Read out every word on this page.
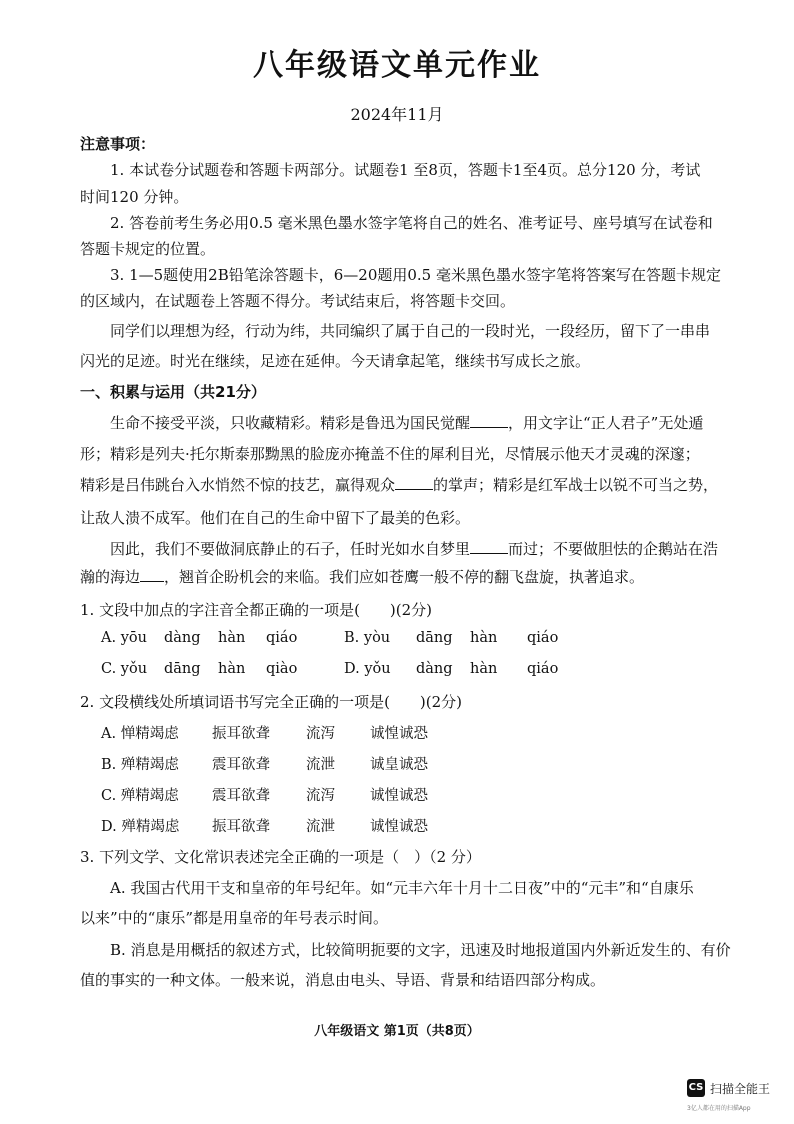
八年级语文单元作业
2024年11月
注意事项：
1. 本试卷分试题卷和答题卡两部分。试题卷1 至8页，答题卡1至4页。总分120 分，考试
时间120 分钟。
2. 答卷前考生务必用0.5 毫米黑色墨水签字笔将自己的姓名、准考证号、座号填写在试卷和
答题卡规定的位置。
3. 1—5题使用2B铅笔涂答题卡，6—20题用0.5 毫米黑色墨水签字笔将答案写在答题卡规定
的区域内，在试题卷上答题不得分。考试结束后，将答题卡交回。
同学们以理想为经，行动为纬，共同编织了属于自己的一段时光，一段经历，留下了一串串
闪光的足迹。时光在继续，足迹在延伸。今天请拿起笔，继续书写成长之旅。
一、积累与运用（共21分）
生命不接受平淡，只收藏精彩。精彩是鲁迅为国民觉醒	，用文字让“正人君子”无处遁
形；精彩是列夫·托尔斯泰那黝黑的脸庞亦掩盖不住的犀利目光，尽情展示他天才灵魂的深邃；
精彩是吕伟跳台入水悄然不惊的技艺，赢得观众	的掌声；精彩是红军战士以锐不可当之势，
让敌人溃不成军。他们在自己的生命中留下了最美的色彩。
因此，我们不要做洞底静止的石子，任时光如水自梦里	而过；不要做胆怯的企鹅站在浩
瀚的海边 ，翘首企盼机会的来临。我们应如苍鹰一般不停的翻飞盘旋，执著追求。
1. 文段中加点的字注音全都正确的一项是(　　)(2分)
A. yōu dàng hàn qiáo	B. yòu dāng hàn qiáo
C. yǒu dāng hàn qiào	D. yǒu dàng hàn qiáo
2. 文段横线处所填词语书写完全正确的一项是(　　)(2分)
A. 惮精竭虑 振耳欲聋 流泻 诚惶诚恐
B. 殚精竭虑 震耳欲聋 流泄 诚皇诚恐
C. 殚精竭虑 震耳欲聋 流泻 诚惶诚恐
D. 殚精竭虑 振耳欲聋 流泄 诚惶诚恐
3. 下列文学、文化常识表述完全正确的一项是（　）（2 分）
A. 我国古代用干支和皇帝的年号纪年。如“元丰六年十月十二日夜”中的“元丰”和“自康乐
以来”中的“康乐”都是用皇帝的年号表示时间。
B. 消息是用概括的叙述方式，比较简明扼要的文字，迅速及时地报道国内外新近发生的、有价
值的事实的一种文体。一般来说，消息由电头、导语、背景和结语四部分构成。
八年级语文 第1页（共8页）
CS 扫描全能王
3亿人都在用的扫描App
